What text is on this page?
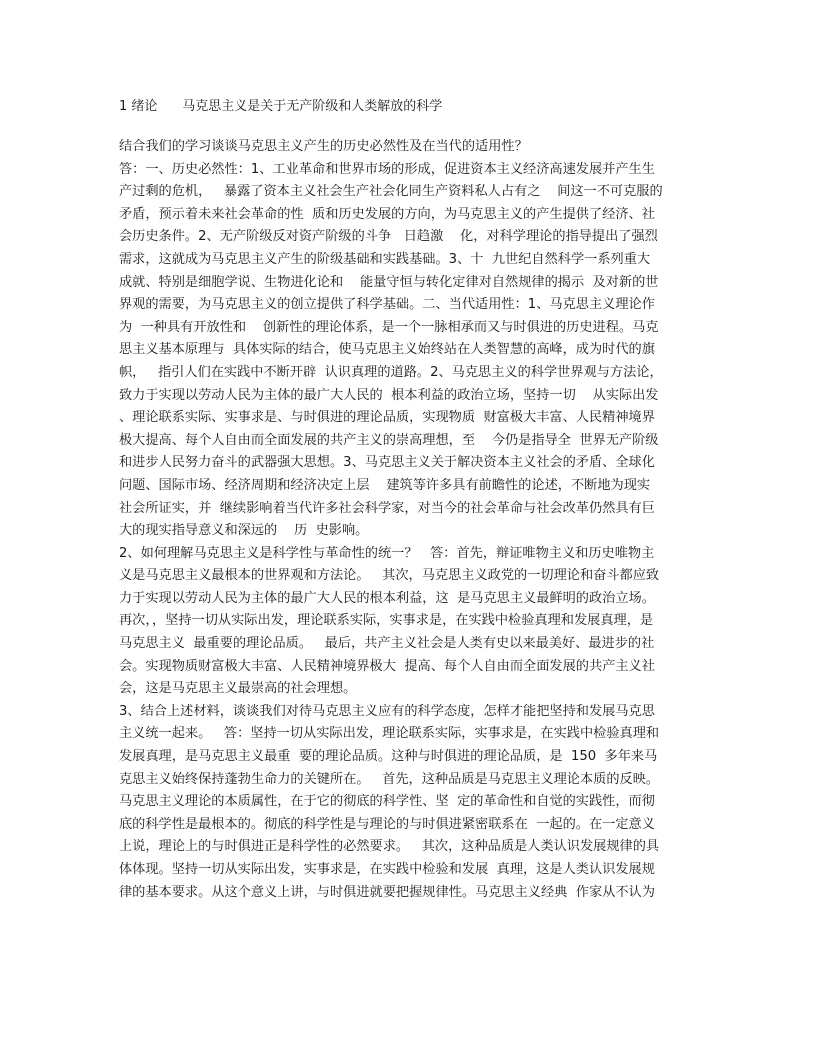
1 绪论      马克思主义是关于无产阶级和人类解放的科学
结合我们的学习谈谈马克思主义产生的历史必然性及在当代的适用性？
答：一、历史必然性：1、工业革命和世界市场的形成，促进资本主义经济高速发展并产生生
产过剩的危机，   暴露了资本主义社会生产社会化同生产资料私人占有之    间这一不可克服的
矛盾，预示着未来社会革命的性  质和历史发展的方向，为马克思主义的产生提供了经济、社
会历史条件。2、无产阶级反对资产阶级的斗争   日趋激    化，对科学理论的指导提出了强烈
需求，这就成为马克思主义产生的阶级基础和实践基础。3、十  九世纪自然科学一系列重大
成就、特别是细胞学说、生物进化论和    能量守恒与转化定律对自然规律的揭示  及对新的世
界观的需要，为马克思主义的创立提供了科学基础。二、当代适用性：1、马克思主义理论作
为  一种具有开放性和    创新性的理论体系，是一个一脉相承而又与时俱进的历史进程。马克
思主义基本原理与  具体实际的结合，使马克思主义始终站在人类智慧的高峰，成为时代的旗
帜，   指引人们在实践中不断开辟  认识真理的道路。2、马克思主义的科学世界观与方法论，
致力于实现以劳动人民为主体的最广大人民的  根本利益的政治立场，坚持一切    从实际出发
、理论联系实际、实事求是、与时俱进的理论品质，实现物质  财富极大丰富、人民精神境界
极大提高、每个人自由而全面发展的共产主义的崇高理想，至    今仍是指导全  世界无产阶级
和进步人民努力奋斗的武器强大思想。3、马克思主义关于解决资本主义社会的矛盾、全球化
问题、国际市场、经济周期和经济决定上层    建筑等许多具有前瞻性的论述，不断地为现实
社会所证实，并  继续影响着当代许多社会科学家，对当今的社会革命与社会改革仍然具有巨
大的现实指导意义和深远的    历  史影响。
2、如何理解马克思主义是科学性与革命性的统一？   答：首先，辩证唯物主义和历史唯物主
义是马克思主义最根本的世界观和方法论。   其次，马克思主义政党的一切理论和奋斗都应致
力于实现以劳动人民为主体的最广大人民的根本利益，这  是马克思主义最鲜明的政治立场。
再次，，坚持一切从实际出发，理论联系实际，实事求是，在实践中检验真理和发展真理，是
马克思主义  最重要的理论品质。   最后，共产主义社会是人类有史以来最美好、最进步的社
会。实现物质财富极大丰富、人民精神境界极大  提高、每个人自由而全面发展的共产主义社
会，这是马克思主义最崇高的社会理想。
3、结合上述材料，谈谈我们对待马克思主义应有的科学态度，怎样才能把坚持和发展马克思
主义统一起来。   答：坚持一切从实际出发，理论联系实际，实事求是，在实践中检验真理和
发展真理，是马克思主义最重  要的理论品质。这种与时俱进的理论品质，是  150  多年来马
克思主义始终保持蓬勃生命力的关键所在。   首先，这种品质是马克思主义理论本质的反映。
马克思主义理论的本质属性，在于它的彻底的科学性、坚  定的革命性和自觉的实践性，而彻
底的科学性是最根本的。彻底的科学性是与理论的与时俱进紧密联系在  一起的。在一定意义
上说，理论上的与时俱进正是科学性的必然要求。   其次，这种品质是人类认识发展规律的具
体体现。坚持一切从实际出发，实事求是，在实践中检验和发展  真理，这是人类认识发展规
律的基本要求。从这个意义上讲，与时俱进就要把握规律性。马克思主义经典  作家从不认为
